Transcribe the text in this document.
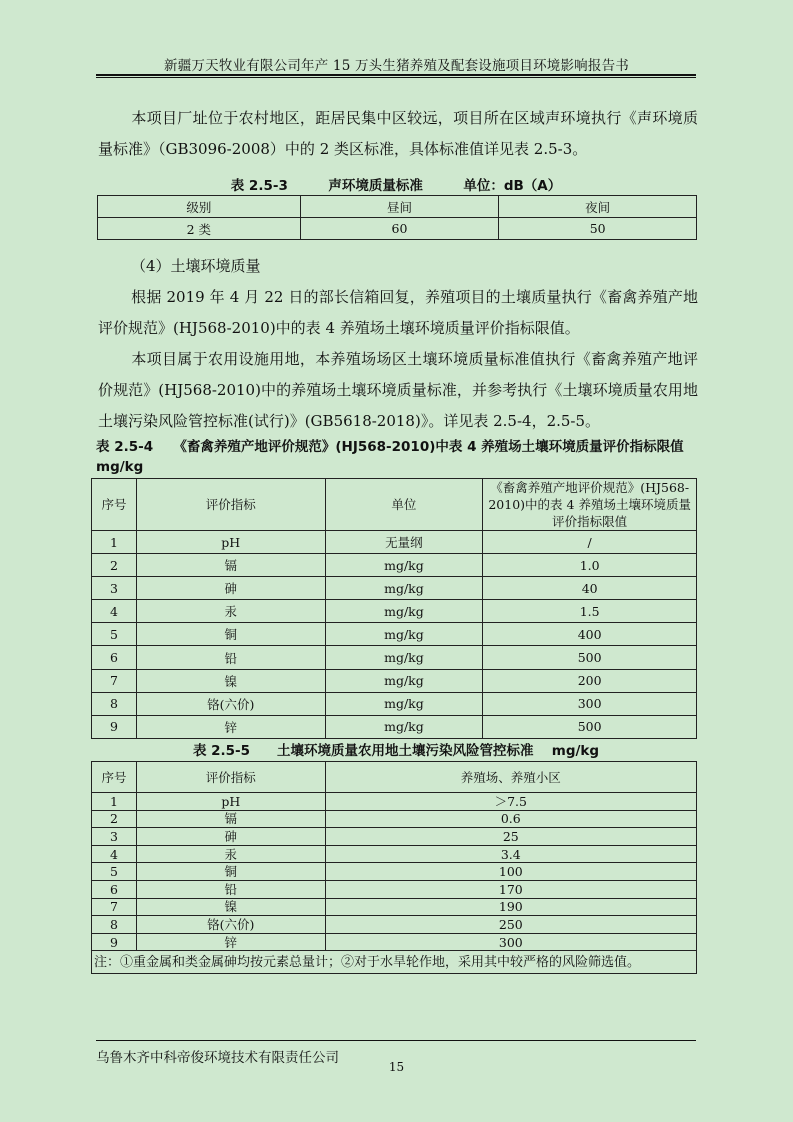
新疆万天牧业有限公司年产 15 万头生猪养殖及配套设施项目环境影响报告书
本项目厂址位于农村地区，距居民集中区较远，项目所在区域声环境执行《声环境质量标准》（GB3096-2008）中的 2 类区标准，具体标准值详见表 2.5-3。
表 2.5-3　　　声环境质量标准　　　单位：dB（A）
级别	昼间	夜间
2 类	60	50
（4）土壤环境质量
根据 2019 年 4 月 22 日的部长信箱回复，养殖项目的土壤质量执行《畜禽养殖产地评价规范》(HJ568-2010)中的表 4 养殖场土壤环境质量评价指标限值。
本项目属于农用设施用地，本养殖场场区土壤环境质量标准值执行《畜禽养殖产地评价规范》(HJ568-2010)中的养殖场土壤环境质量标准，并参考执行《土壤环境质量农用地土壤污染风险管控标准(试行)》(GB5618-2018)》。详见表 2.5-4，2.5-5。
表 2.5-4　　《畜禽养殖产地评价规范》(HJ568-2010)中表 4 养殖场土壤环境质量评价指标限值　 mg/kg
序号	评价指标	单位	《畜禽养殖产地评价规范》(HJ568-2010)中的表 4 养殖场土壤环境质量评价指标限值
1	pH	无量纲	/
2	镉	mg/kg	1.0
3	砷	mg/kg	40
4	汞	mg/kg	1.5
5	铜	mg/kg	400
6	铅	mg/kg	500
7	镍	mg/kg	200
8	铬(六价)	mg/kg	300
9	锌	mg/kg	500
表 2.5-5　　土壤环境质量农用地土壤污染风险管控标准　 mg/kg
序号	评价指标	养殖场、养殖小区
1	pH	＞7.5
2	镉	0.6
3	砷	25
4	汞	3.4
5	铜	100
6	铅	170
7	镍	190
8	铬(六价)	250
9	锌	300
注：①重金属和类金属砷均按元素总量计；②对于水旱轮作地，采用其中较严格的风险筛选值。		
乌鲁木齐中科帝俊环境技术有限责任公司
15
